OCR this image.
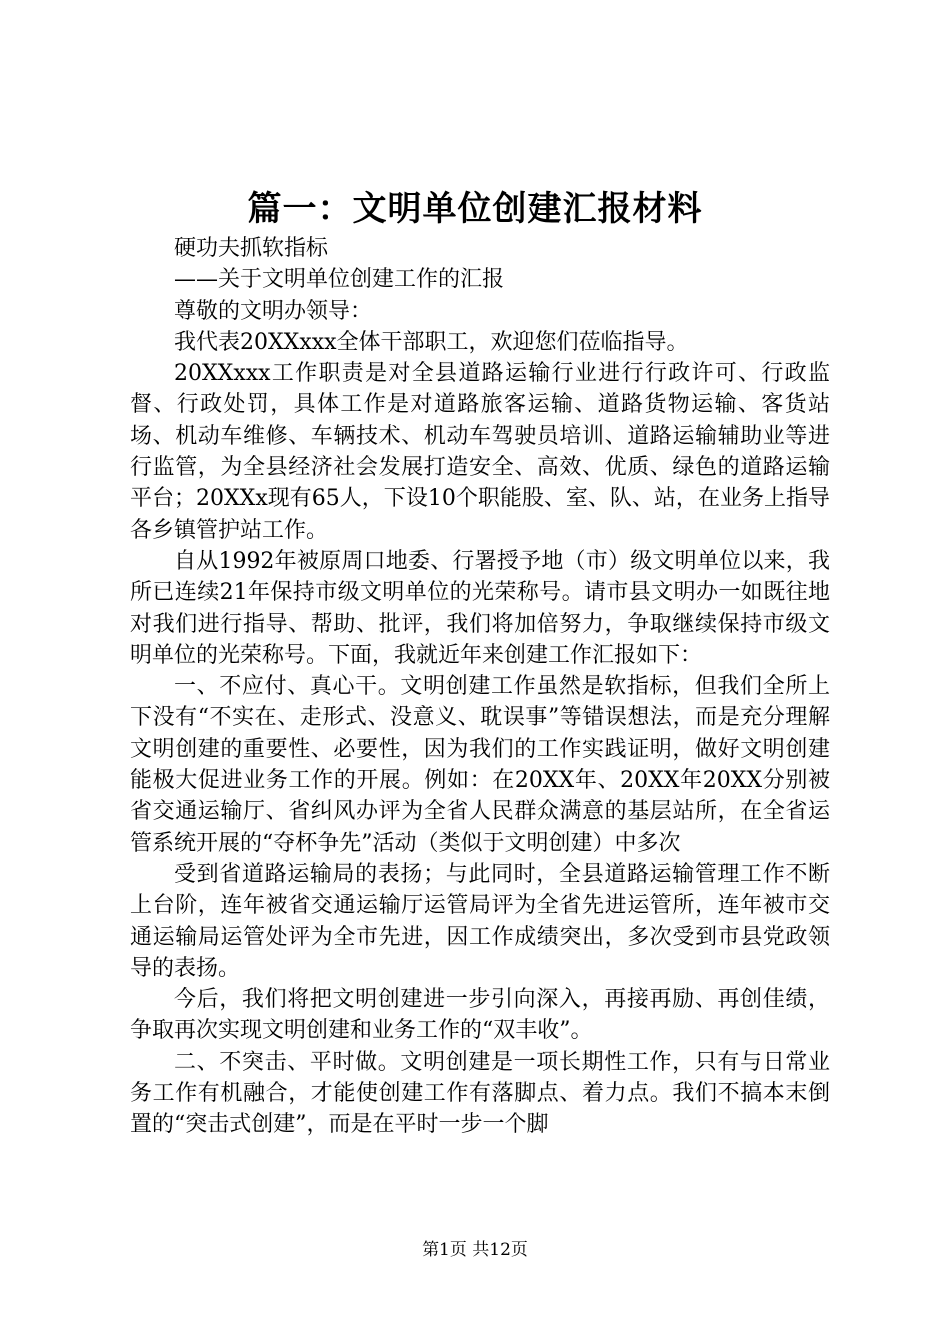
篇一：文明单位创建汇报材料

硬功夫抓软指标

——关于文明单位创建工作的汇报

尊敬的文明办领导：

我代表20XXxxx全体干部职工，欢迎您们莅临指导。

20XXxxx工作职责是对全县道路运输行业进行行政许可、行政监督、行政处罚，具体工作是对道路旅客运输、道路货物运输、客货站场、机动车维修、车辆技术、机动车驾驶员培训、道路运输辅助业等进行监管，为全县经济社会发展打造安全、高效、优质、绿色的道路运输平台；20XXx现有65人，下设10个职能股、室、队、站，在业务上指导各乡镇管护站工作。

自从1992年被原周口地委、行署授予地（市）级文明单位以来，我所已连续21年保持市级文明单位的光荣称号。请市县文明办一如既往地对我们进行指导、帮助、批评，我们将加倍努力，争取继续保持市级文明单位的光荣称号。下面，我就近年来创建工作汇报如下：

一、不应付、真心干。文明创建工作虽然是软指标，但我们全所上下没有“不实在、走形式、没意义、耽误事”等错误想法，而是充分理解文明创建的重要性、必要性，因为我们的工作实践证明，做好文明创建能极大促进业务工作的开展。例如：在20XX年、20XX年20XX分别被省交通运输厅、省纠风办评为全省人民群众满意的基层站所，在全省运管系统开展的“夺杯争先”活动（类似于文明创建）中多次

受到省道路运输局的表扬；与此同时，全县道路运输管理工作不断上台阶，连年被省交通运输厅运管局评为全省先进运管所，连年被市交通运输局运管处评为全市先进，因工作成绩突出，多次受到市县党政领导的表扬。

今后，我们将把文明创建进一步引向深入，再接再励、再创佳绩，争取再次实现文明创建和业务工作的“双丰收”。

二、不突击、平时做。文明创建是一项长期性工作，只有与日常业务工作有机融合，才能使创建工作有落脚点、着力点。我们不搞本末倒置的“突击式创建”，而是在平时一步一个脚

第1页 共12页
